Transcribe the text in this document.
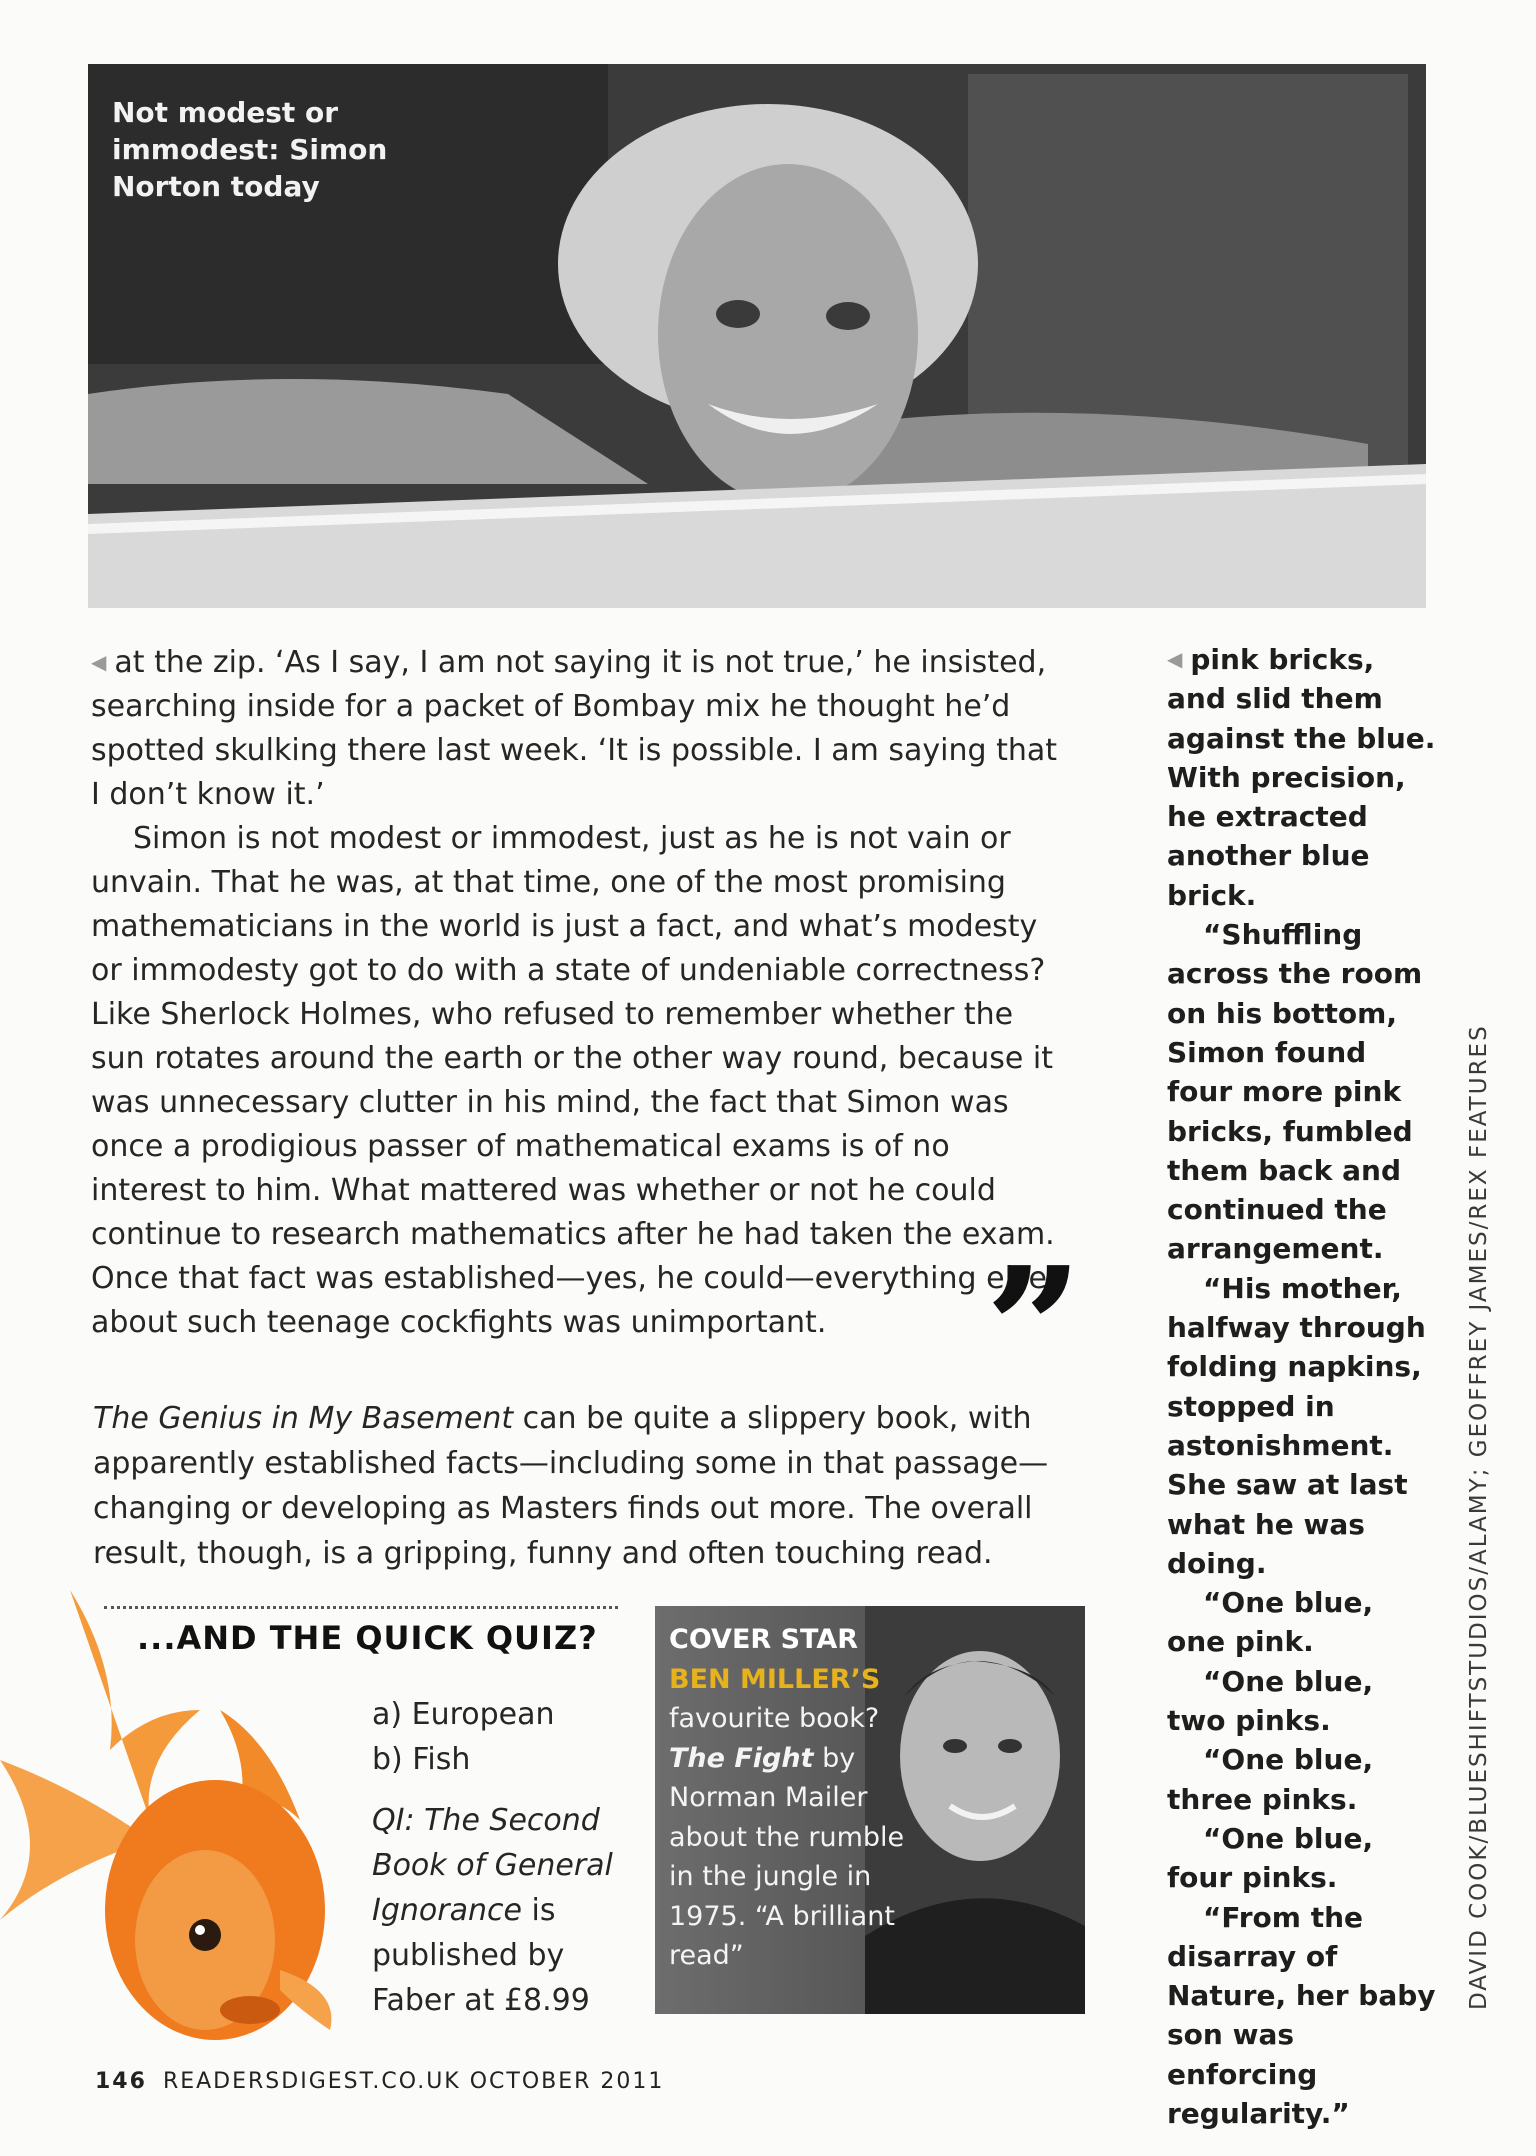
Not modest or immodest: Simon Norton today

◀ at the zip. ‘As I say, I am not saying it is not true,’ he insisted, searching inside for a packet of Bombay mix he thought he’d spotted skulking there last week. ‘It is possible. I am saying that I don’t know it.’

Simon is not modest or immodest, just as he is not vain or unvain. That he was, at that time, one of the most promising mathematicians in the world is just a fact, and what’s modesty or immodesty got to do with a state of undeniable correctness? Like Sherlock Holmes, who refused to remember whether the sun rotates around the earth or the other way round, because it was unnecessary clutter in his mind, the fact that Simon was once a prodigious passer of mathematical exams is of no interest to him. What mattered was whether or not he could continue to research mathematics after he had taken the exam. Once that fact was established—yes, he could—everything else about such teenage cockfights was unimportant. ”

The Genius in My Basement can be quite a slippery book, with apparently established facts—including some in that passage—changing or developing as Masters finds out more. The overall result, though, is a gripping, funny and often touching read.

◀ pink bricks, and slid them against the blue. With precision, he extracted another blue brick.

“Shuffling across the room on his bottom, Simon found four more pink bricks, fumbled them back and continued the arrangement.

“His mother, halfway through folding napkins, stopped in astonishment. She saw at last what he was doing.

“One blue, one pink.

“One blue, two pinks.

“One blue, three pinks.

“One blue, four pinks.

“From the disarray of Nature, her baby son was enforcing regularity.”

DAVID COOK/BLUESHIFTSTUDIOS/ALAMY; GEOFFREY JAMES/REX FEATURES
...AND THE QUICK QUIZ?
a) European
b) Fish
QI: The Second Book of General Ignorance is published by Faber at £8.99
COVER STAR
BEN MILLER’S
favourite book?
The Fight by
Norman Mailer about the rumble in the jungle in 1975. “A brilliant read”
146 READERSDIGEST.CO.UK OCTOBER 2011
